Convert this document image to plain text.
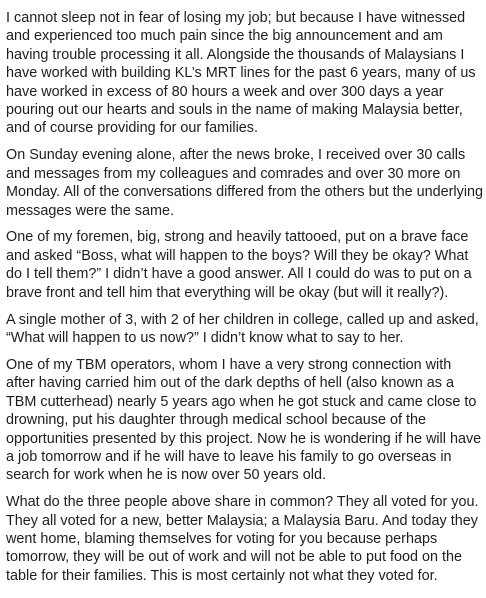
I cannot sleep not in fear of losing my job; but because I have witnessed and experienced too much pain since the big announcement and am having trouble processing it all. Alongside the thousands of Malaysians I have worked with building KL’s MRT lines for the past 6 years, many of us have worked in excess of 80 hours a week and over 300 days a year pouring out our hearts and souls in the name of making Malaysia better, and of course providing for our families.

On Sunday evening alone, after the news broke, I received over 30 calls and messages from my colleagues and comrades and over 30 more on Monday. All of the conversations differed from the others but the underlying messages were the same.

One of my foremen, big, strong and heavily tattooed, put on a brave face and asked “Boss, what will happen to the boys? Will they be okay? What do I tell them?” I didn’t have a good answer. All I could do was to put on a brave front and tell him that everything will be okay (but will it really?).

A single mother of 3, with 2 of her children in college, called up and asked, “What will happen to us now?” I didn’t know what to say to her.

One of my TBM operators, whom I have a very strong connection with after having carried him out of the dark depths of hell (also known as a TBM cutterhead) nearly 5 years ago when he got stuck and came close to drowning, put his daughter through medical school because of the opportunities presented by this project. Now he is wondering if he will have a job tomorrow and if he will have to leave his family to go overseas in search for work when he is now over 50 years old.

What do the three people above share in common? They all voted for you. They all voted for a new, better Malaysia; a Malaysia Baru. And today they went home, blaming themselves for voting for you because perhaps tomorrow, they will be out of work and will not be able to put food on the table for their families. This is most certainly not what they voted for.
